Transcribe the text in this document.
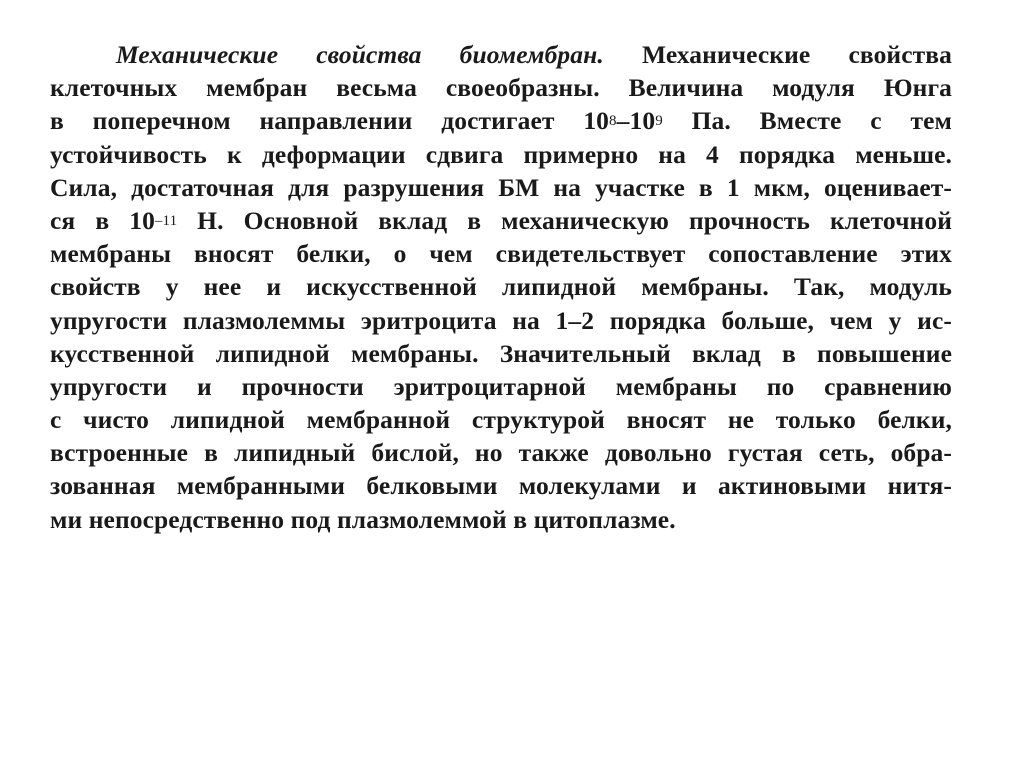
Механические свойства биомембран. Механические свойства
клеточных мембран весьма своеобразны. Величина модуля Юнга
в поперечном направлении достигает $10^8-10^9$ Па. Вместе с тем
устойчивость к деформации сдвига примерно на 4 порядка меньше.
Сила, достаточная для разрушения БМ на участке в 1 мкм, оценивает-
ся в $10^{-11}$ Н. Основной вклад в механическую прочность клеточной
мембраны вносят белки, о чем свидетельствует сопоставление этих
свойств у нее и искусственной липидной мембраны. Так, модуль
упругости плазмолеммы эритроцита на 1–2 порядка больше, чем у ис-
кусственной липидной мембраны. Значительный вклад в повышение
упругости и прочности эритроцитарной мембраны по сравнению
с чисто липидной мембранной структурой вносят не только белки,
встроенные в липидный бислой, но также довольно густая сеть, обра-
зованная мембранными белковыми молекулами и актиновыми нитя-
ми непосредственно под плазмолеммой в цитоплазме.
